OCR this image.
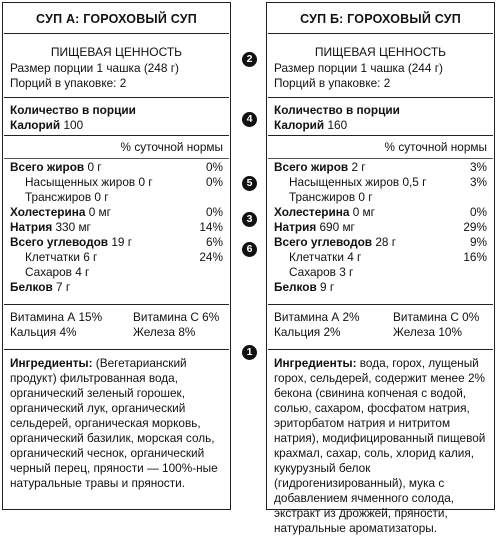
СУП А: ГОРОХОВЫЙ СУП
ПИЩЕВАЯ ЦЕННОСТЬ
Размер порции 1 чашка (248 г)
Порций в упаковке: 2
Количество в порции
Калорий 100
% суточной нормы
Всего жиров 0 г	0%
Насыщенных жиров 0 г	0%
Трансжиров 0 г
Холестерина 0 мг	0%
Натрия 330 мг	14%
Всего углеводов 19 г	6%
Клетчатки 6 г	24%
Сахаров 4 г
Белков 7 г
Витамина А 15%	Витамина С 6%
Кальция 4%	Железа 8%
Ингредиенты: (Вегетарианский продукт) фильтрованная вода, органический зеленый горошек, органический лук, органический сельдерей, органическая морковь, органический базилик, морская соль, органический чеснок, органический черный перец, пряности — 100%-ные натуральные травы и пряности.
СУП Б: ГОРОХОВЫЙ СУП
ПИЩЕВАЯ ЦЕННОСТЬ
Размер порции 1 чашка (244 г)
Порций в упаковке: 2
Количество в порции
Калорий 160
% суточной нормы
Всего жиров 2 г	3%
Насыщенных жиров 0,5 г	3%
Трансжиров 0 г
Холестерина 0 мг	0%
Натрия 690 мг	29%
Всего углеводов 28 г	9%
Клетчатки 4 г	16%
Сахаров 3 г
Белков 9 г
Витамина А 2%	Витамина С 0%
Кальция 2%	Железа 10%
Ингредиенты: вода, горох, лущеный горох, сельдерей, содержит менее 2% бекона (свинина копченая с водой, солью, сахаром, фосфатом натрия, эриторбатом натрия и нитритом натрия), модифицированный пищевой крахмал, сахар, соль, хлорид калия, кукурузный белок (гидрогенизированный), мука с добавлением ячменного солода, экстракт из дрожжей, пряности, натуральные ароматизаторы.
2
4
5
3
6
1
